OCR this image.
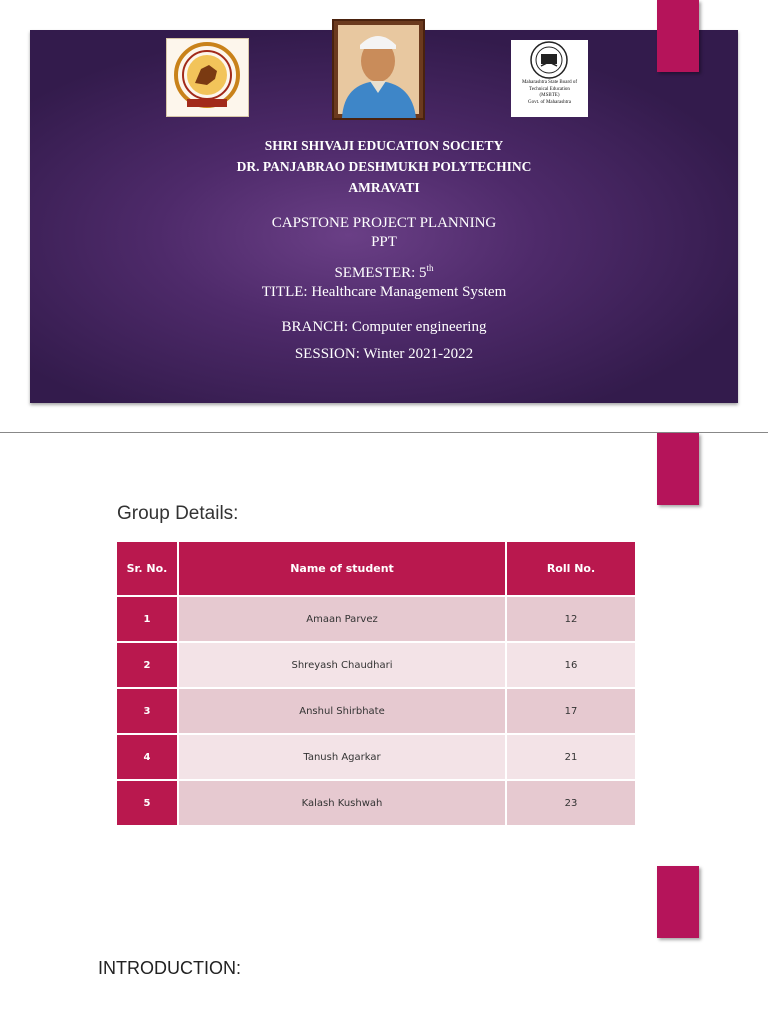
Maharashtra State Board of
Technical Education
(MSBTE)
Govt. of Maharashtra
SHRI SHIVAJI EDUCATION SOCIETY
DR. PANJABRAO DESHMUKH POLYTECHINC
AMRAVATI
CAPSTONE PROJECT PLANNING
PPT
SEMESTER: 5th
TITLE: Healthcare Management System
BRANCH: Computer engineering
SESSION: Winter 2021-2022
Group Details:
Sr. No.	Name of student	Roll No.
1	Amaan Parvez	12
2	Shreyash Chaudhari	16
3	Anshul Shirbhate	17
4	Tanush Agarkar	21
5	Kalash Kushwah	23
INTRODUCTION:
